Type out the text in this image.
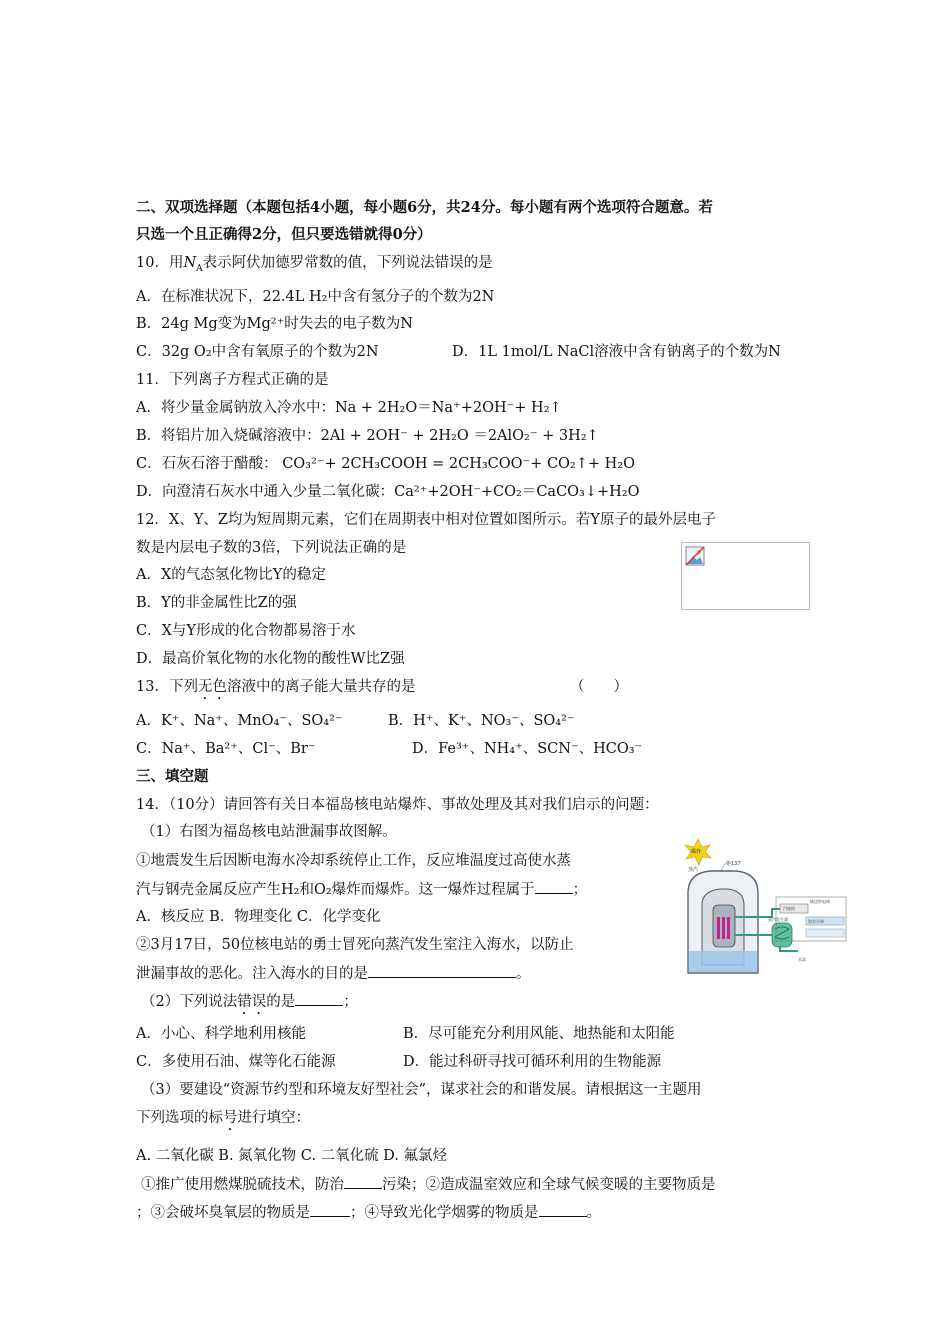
二、双项选择题（本题包括4小题，每小题6分，共24分。每小题有两个选项符合题意。若
只选一个且正确得2分，但只要选错就得0分）
10．用$N_A$表示阿伏加德罗常数的值，下列说法错误的是
A．在标准状况下，22.4L H₂中含有氢分子的个数为2N
B．24g Mg变为Mg²⁺时失去的电子数为N
C．32g O₂中含有氧原子的个数为2N	D．1L 1mol/L NaCl溶液中含有钠离子的个数为N
11．下列离子方程式正确的是
A．将少量金属钠放入冷水中：Na + 2H₂O＝Na⁺+2OH⁻+ H₂↑
B．将铝片加入烧碱溶液中：2Al + 2OH⁻ + 2H₂O ＝2AlO₂⁻ + 3H₂↑
C．石灰石溶于醋酸： CO₃²⁻+ 2CH₃COOH = 2CH₃COO⁻+ CO₂↑+ H₂O
D．向澄清石灰水中通入少量二氧化碳：Ca²⁺+2OH⁻+CO₂＝CaCO₃↓+H₂O
12．X、Y、Z均为短周期元素，它们在周期表中相对位置如图所示。若Y原子的最外层电子
数是内层电子数的3倍，下列说法正确的是
A．X的气态氢化物比Y的稳定
B．Y的非金属性比Z的强
C．X与Y形成的化合物都易溶于水
D．最高价氧化物的水化物的酸性W比Z强
13．下列无色溶液中的离子能大量共存的是	（　　）
A．K⁺、Na⁺、MnO₄⁻、SO₄²⁻	B．H⁺、K⁺、NO₃⁻、SO₄²⁻
C．Na⁺、Ba²⁺、Cl⁻、Br⁻	D．Fe³⁺、NH₄⁺、SCN⁻、HCO₃⁻
三、填空题
14．（10分）请回答有关日本福岛核电站爆炸、事故处理及其对我们启示的问题：
（1）右图为福岛核电站泄漏事故图解。
①地震发生后因断电海水冷却系统停止工作，反应堆温度过高使水蒸
汽与钢壳金属反应产生H₂和O₂爆炸而爆炸。这一爆炸过程属于	；
A．核反应 B．物理变化 C．化学变化
②3月17日，50位核电站的勇士冒死向蒸汽发生室注入海水，以防止
泄漏事故的恶化。注入海水的目的是	。
（2）下列说法错误的是	；
A．小心、科学地利用核能	B．尽可能充分利用风能、地热能和太阳能
C．多使用石油、煤等化石能源	D．能过科研寻找可循环利用的生物能源
（3）要建设“资源节约型和环境友好型社会”，谋求社会的和谐发展。请根据这一主题用
下列选项的标号进行填空：
A. 二氧化碳 B. 氮氧化物 C. 二氧化硫 D. 氟氯烃
①推广使用燃煤脱硫技术，防治	污染；②造成温室效应和全球气候变暖的主要物质是
；③会破坏臭氧层的物质是	；④导致光化学烟雾的物质是	。
爆炸
蒸汽
铯137
蒸汽发生器
汽轮机
输送给电网
海水冷却
水泵
